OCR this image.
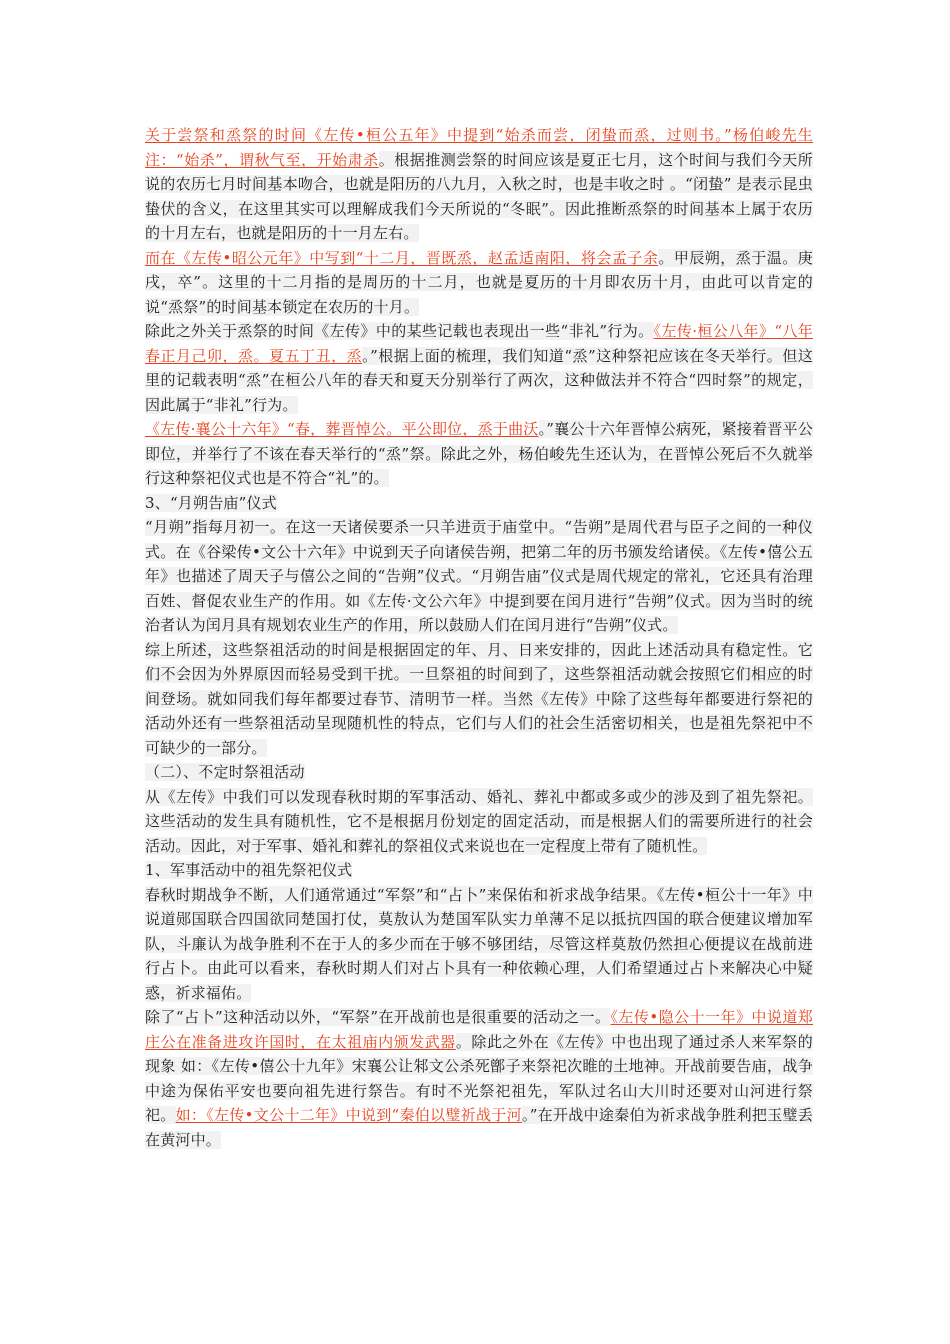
关于尝祭和烝祭的时间《左传•桓公五年》中提到“始杀而尝，闭蛰而烝，过则书。”杨伯峻先生注：“始杀”，谓秋气至，开始肃杀。根据推测尝祭的时间应该是夏正七月，这个时间与我们今天所说的农历七月时间基本吻合，也就是阳历的八九月，入秋之时，也是丰收之时 。“闭蛰” 是表示昆虫蛰伏的含义，在这里其实可以理解成我们今天所说的“冬眠”。因此推断烝祭的时间基本上属于农历的十月左右，也就是阳历的十一月左右。

而在《左传•昭公元年》中写到“十二月，晋既烝，赵孟适南阳，将会孟子余。甲辰朔，烝于温。庚戌，卒”。这里的十二月指的是周历的十二月，也就是夏历的十月即农历十月，由此可以肯定的说“烝祭”的时间基本锁定在农历的十月。

除此之外关于烝祭的时间《左传》中的某些记载也表现出一些“非礼”行为。《左传·桓公八年》“八年春正月己卯，烝。夏五丁丑，烝。”根据上面的梳理，我们知道“烝”这种祭祀应该在冬天举行。但这里的记载表明“烝”在桓公八年的春天和夏天分别举行了两次，这种做法并不符合“四时祭”的规定，因此属于“非礼”行为。

《左传·襄公十六年》“春，葬晋悼公。平公即位，烝于曲沃。”襄公十六年晋悼公病死，紧接着晋平公即位，并举行了不该在春天举行的“烝”祭。除此之外，杨伯峻先生还认为，在晋悼公死后不久就举行这种祭祀仪式也是不符合“礼”的。

3、“月朔告庙”仪式

“月朔”指每月初一。在这一天诸侯要杀一只羊进贡于庙堂中。“告朔”是周代君与臣子之间的一种仪式。在《谷梁传•文公十六年》中说到天子向诸侯告朔，把第二年的历书颁发给诸侯。《左传•僖公五年》也描述了周天子与僖公之间的“告朔”仪式。“月朔告庙”仪式是周代规定的常礼，它还具有治理百姓、督促农业生产的作用。如《左传·文公六年》中提到要在闰月进行“告朔”仪式。因为当时的统治者认为闰月具有规划农业生产的作用，所以鼓励人们在闰月进行“告朔”仪式。

综上所述，这些祭祖活动的时间是根据固定的年、月、日来安排的，因此上述活动具有稳定性。它们不会因为外界原因而轻易受到干扰。一旦祭祖的时间到了，这些祭祖活动就会按照它们相应的时间登场。就如同我们每年都要过春节、清明节一样。当然《左传》中除了这些每年都要进行祭祀的活动外还有一些祭祖活动呈现随机性的特点，它们与人们的社会生活密切相关，也是祖先祭祀中不可缺少的一部分。

（二）、不定时祭祖活动

从《左传》中我们可以发现春秋时期的军事活动、婚礼、葬礼中都或多或少的涉及到了祖先祭祀。这些活动的发生具有随机性，它不是根据月份划定的固定活动，而是根据人们的需要所进行的社会活动。因此，对于军事、婚礼和葬礼的祭祖仪式来说也在一定程度上带有了随机性。

1、军事活动中的祖先祭祀仪式

春秋时期战争不断，人们通常通过“军祭”和“占卜”来保佑和祈求战争结果。《左传•桓公十一年》中说道郧国联合四国欲同楚国打仗，莫敖认为楚国军队实力单薄不足以抵抗四国的联合便建议增加军队，斗廉认为战争胜利不在于人的多少而在于够不够团结，尽管这样莫敖仍然担心便提议在战前进行占卜。由此可以看来，春秋时期人们对占卜具有一种依赖心理，人们希望通过占卜来解决心中疑惑，祈求福佑。

除了“占卜”这种活动以外，“军祭”在开战前也是很重要的活动之一。《左传•隐公十一年》中说道郑庄公在准备进攻许国时，在太祖庙内颁发武器。除此之外在《左传》中也出现了通过杀人来军祭的现象 如：《左传•僖公十九年》宋襄公让邾文公杀死鄫子来祭祀次睢的土地神。开战前要告庙，战争中途为保佑平安也要向祖先进行祭告。有时不光祭祀祖先，军队过名山大川时还要对山河进行祭祀。如：《左传•文公十二年》中说到“秦伯以璧祈战于河。”在开战中途秦伯为祈求战争胜利把玉璧丢在黄河中。
